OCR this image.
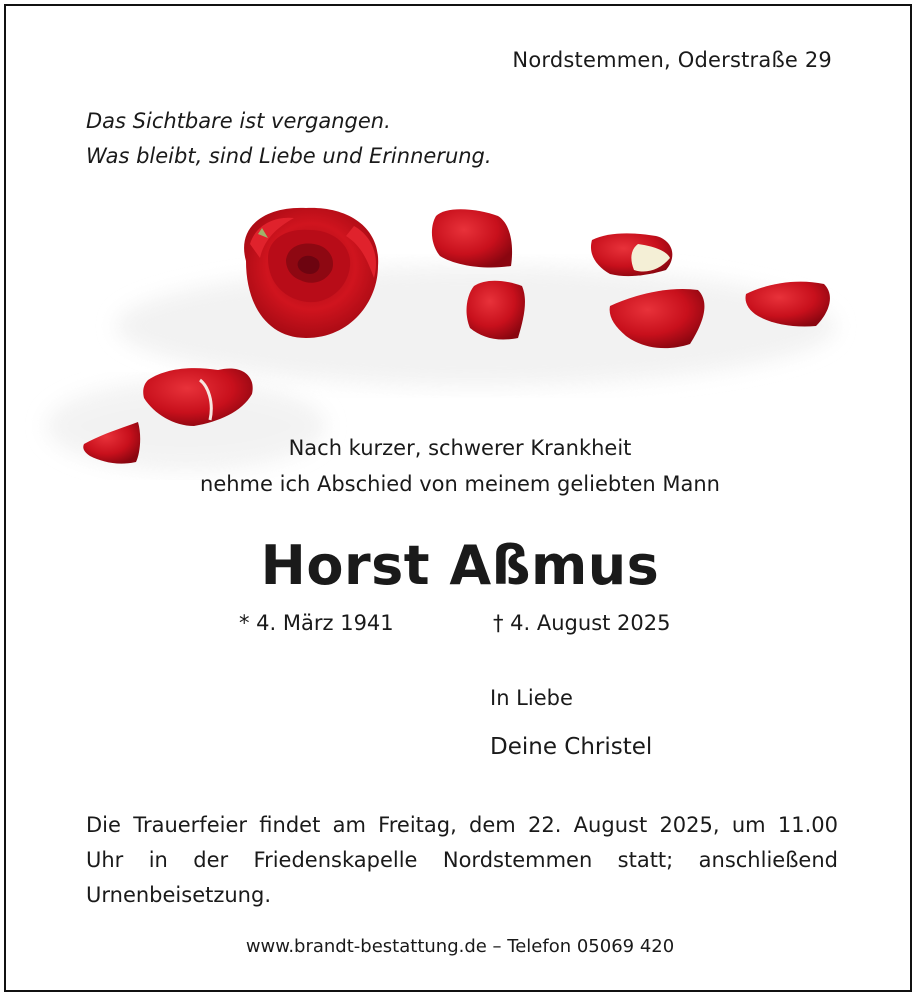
Nordstemmen, Oderstraße 29
Das Sichtbare ist vergangen.
Was bleibt, sind Liebe und Erinnerung.
Nach kurzer, schwerer Krankheit
nehme ich Abschied von meinem geliebten Mann
Horst Aßmus
* 4. März 1941	† 4. August 2025
In Liebe
Deine Christel
Die Trauerfeier findet am Freitag, dem 22. August 2025, um 11.00
Uhr in der Friedenskapelle Nordstemmen statt; anschließend
Urnenbeisetzung.
www.brandt-bestattung.de – Telefon 05069 420
